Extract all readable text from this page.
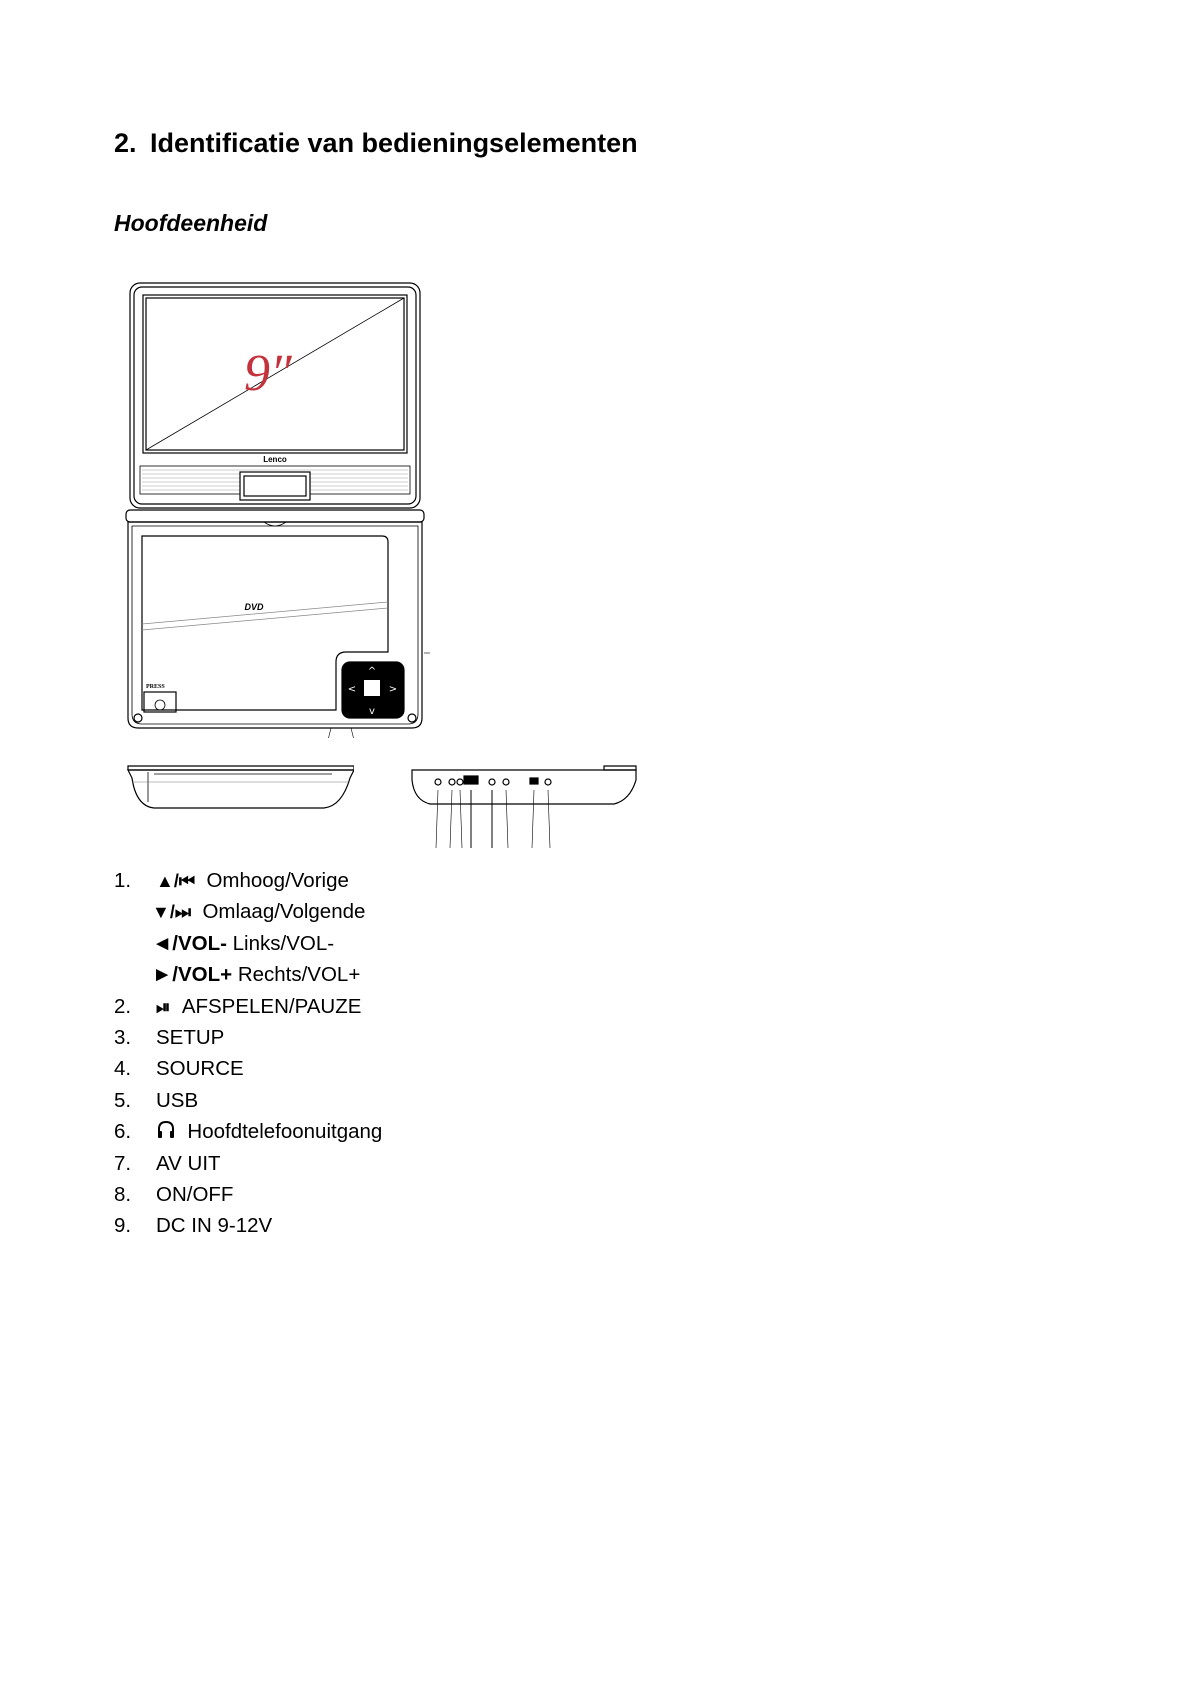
2. Identificatie van bedieningselementen
Hoofdeenheid
^
v
<	>
9″
Lenco
DVD
PRESS
1. ▲/⏮ Omhoog/Vorige
▼/⏭ Omlaag/Volgende
◄/VOL- Links/VOL-
►/VOL+ Rechts/VOL+
2. ⏯ AFSPELEN/PAUZE
3. SETUP
4. SOURCE
5. USB
6.	Hoofdtelefoonuitgang
7. AV UIT
8. ON/OFF
9. DC IN 9-12V
